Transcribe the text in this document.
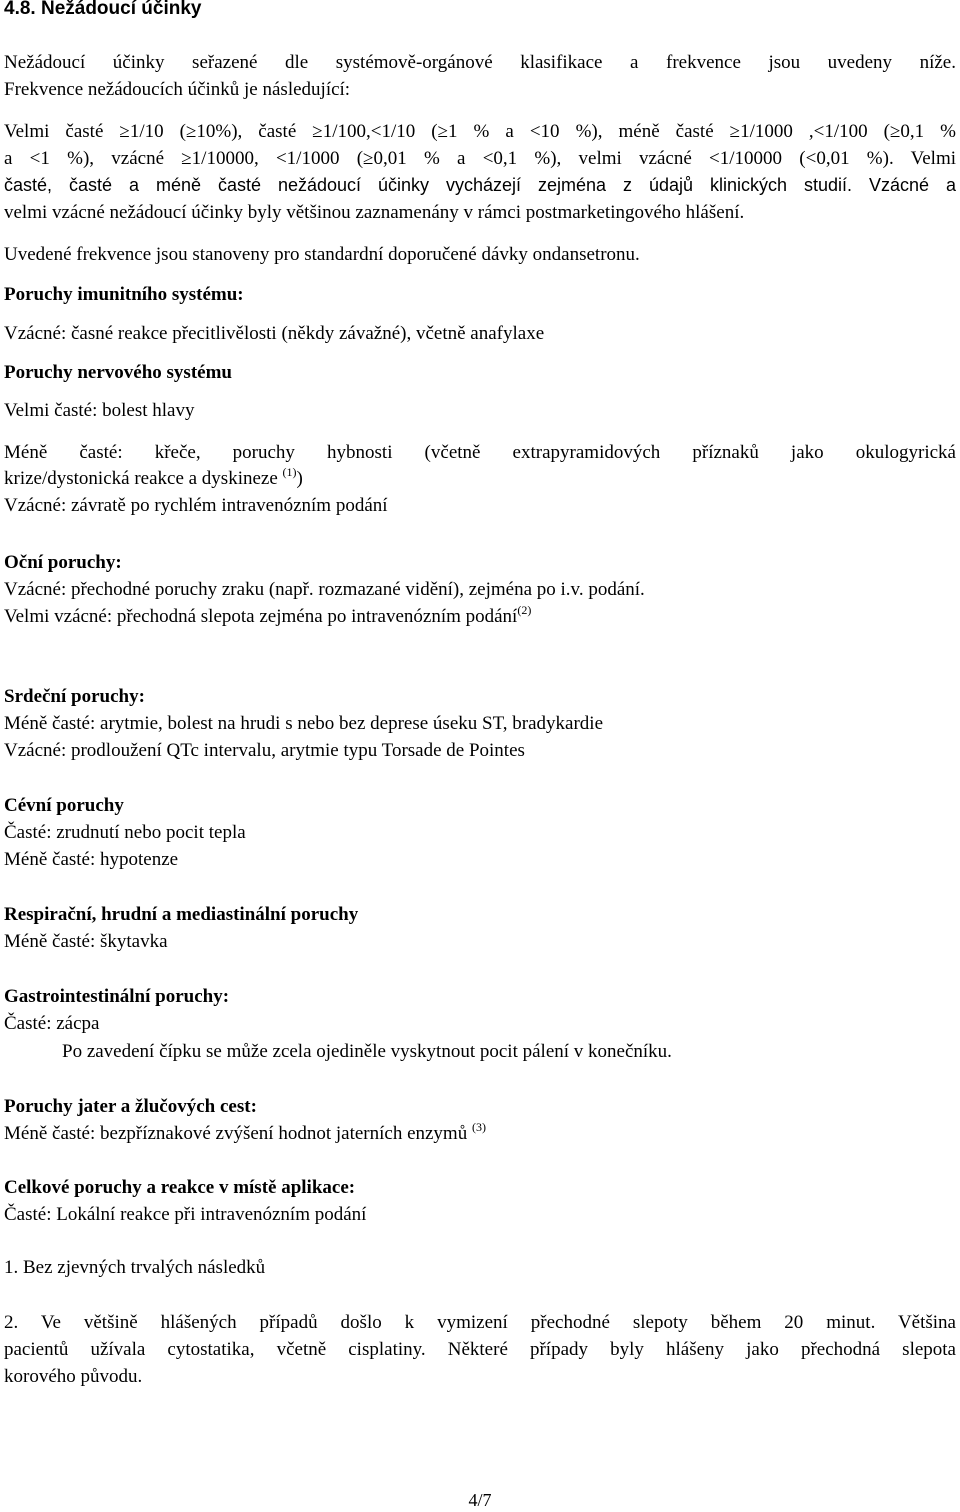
4.8. Nežádoucí účinky
Nežádoucí účinky seřazené dle systémově-orgánové klasifikace a frekvence jsou uvedeny níže.
Frekvence nežádoucích účinků je následující:
Velmi časté ≥1/10 (≥10%), časté ≥1/100,<1/10 (≥1 % a <10 %), méně časté ≥1/1000 ,<1/100 (≥0,1 %
a <1 %), vzácné ≥1/10000, <1/1000 (≥0,01 % a <0,1 %), velmi vzácné <1/10000 (<0,01 %). Velmi
časté, časté a méně časté nežádoucí účinky vycházejí zejména z údajů klinických studií. Vzácné a
velmi vzácné nežádoucí účinky byly většinou zaznamenány v rámci postmarketingového hlášení.
Uvedené frekvence jsou stanoveny pro standardní doporučené dávky ondansetronu.
Poruchy imunitního systému:
Vzácné: časné reakce přecitlivělosti (někdy závažné), včetně anafylaxe
Poruchy nervového systému
Velmi časté: bolest hlavy
Méně časté: křeče, poruchy hybnosti (včetně extrapyramidových příznaků jako okulogyrická
krize/dystonická reakce a dyskineze $^{(1)}$)
Vzácné: závratě po rychlém intravenózním podání
Oční poruchy:
Vzácné: přechodné poruchy zraku (např. rozmazané vidění), zejména po i.v. podání.
Velmi vzácné: přechodná slepota zejména po intravenózním podání$^{(2)}$
Srdeční poruchy:
Méně časté: arytmie, bolest na hrudi s nebo bez deprese úseku ST, bradykardie
Vzácné: prodloužení QTc intervalu, arytmie typu Torsade de Pointes
Cévní poruchy
Časté: zrudnutí nebo pocit tepla
Méně časté: hypotenze
Respirační, hrudní a mediastinální poruchy
Méně časté: škytavka
Gastrointestinální poruchy:
Časté: zácpa
Po zavedení čípku se může zcela ojediněle vyskytnout pocit pálení v konečníku.
Poruchy jater a žlučových cest:
Méně časté: bezpříznakové zvýšení hodnot jaterních enzymů $^{(3)}$
Celkové poruchy a reakce v místě aplikace:
Časté: Lokální reakce při intravenózním podání
1. Bez zjevných trvalých následků
2. Ve většině hlášených případů došlo k vymizení přechodné slepoty během 20 minut. Většina
pacientů užívala cytostatika, včetně cisplatiny. Některé případy byly hlášeny jako přechodná slepota
korového původu.
4/7
